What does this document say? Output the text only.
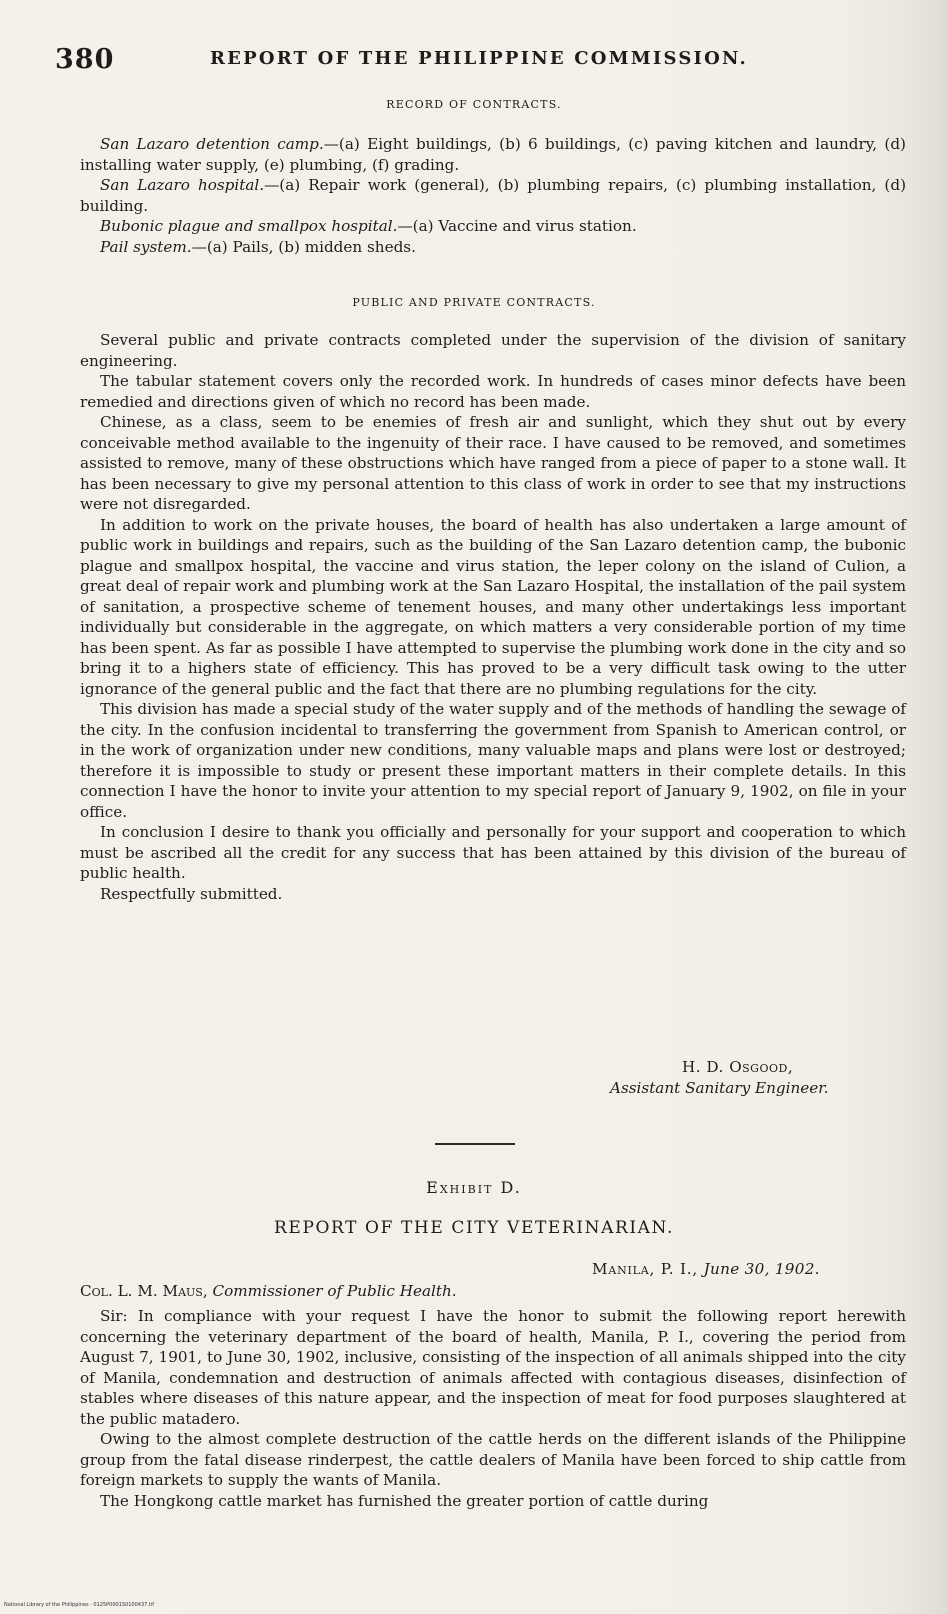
380	REPORT OF THE PHILIPPINE COMMISSION.
RECORD OF CONTRACTS.

San Lazaro detention camp.—(a) Eight buildings, (b) 6 buildings, (c) paving kitchen and laundry, (d) installing water supply, (e) plumbing, (f) grading.

San Lazaro hospital.—(a) Repair work (general), (b) plumbing repairs, (c) plumbing installation, (d) building.

Bubonic plague and smallpox hospital.—(a) Vaccine and virus station.

Pail system.—(a) Pails, (b) midden sheds.

PUBLIC AND PRIVATE CONTRACTS.

Several public and private contracts completed under the supervision of the division of sanitary engineering.

The tabular statement covers only the recorded work. In hundreds of cases minor defects have been remedied and directions given of which no record has been made.

Chinese, as a class, seem to be enemies of fresh air and sunlight, which they shut out by every conceivable method available to the ingenuity of their race. I have caused to be removed, and sometimes assisted to remove, many of these obstructions which have ranged from a piece of paper to a stone wall. It has been necessary to give my personal attention to this class of work in order to see that my instructions were not disregarded.

In addition to work on the private houses, the board of health has also undertaken a large amount of public work in buildings and repairs, such as the building of the San Lazaro detention camp, the bubonic plague and smallpox hospital, the vaccine and virus station, the leper colony on the island of Culion, a great deal of repair work and plumbing work at the San Lazaro Hospital, the installation of the pail system of sanitation, a prospective scheme of tenement houses, and many other undertakings less important individually but considerable in the aggregate, on which matters a very considerable portion of my time has been spent. As far as possible I have attempted to supervise the plumbing work done in the city and so bring it to a highers state of efficiency. This has proved to be a very difficult task owing to the utter ignorance of the general public and the fact that there are no plumbing regulations for the city.

This division has made a special study of the water supply and of the methods of handling the sewage of the city. In the confusion incidental to transferring the government from Spanish to American control, or in the work of organization under new conditions, many valuable maps and plans were lost or destroyed; therefore it is impossible to study or present these important matters in their complete details. In this connection I have the honor to invite your attention to my special report of January 9, 1902, on file in your office.

In conclusion I desire to thank you officially and personally for your support and cooperation to which must be ascribed all the credit for any success that has been attained by this division of the bureau of public health.

Respectfully submitted.

H. D. Osgood,
Assistant Sanitary Engineer.
Exhibit D.
REPORT OF THE CITY VETERINARIAN.
Manila, P. I., June 30, 1902.
Col. L. M. Maus, Commissioner of Public Health.

Sir: In compliance with your request I have the honor to submit the following report herewith concerning the veterinary department of the board of health, Manila, P. I., covering the period from August 7, 1901, to June 30, 1902, inclusive, consisting of the inspection of all animals shipped into the city of Manila, condemnation and destruction of animals affected with contagious diseases, disinfection of stables where diseases of this nature appear, and the inspection of meat for food purposes slaughtered at the public matadero.

Owing to the almost complete destruction of the cattle herds on the different islands of the Philippine group from the fatal disease rinderpest, the cattle dealers of Manila have been forced to ship cattle from foreign markets to supply the wants of Manila.

The Hongkong cattle market has furnished the greater portion of cattle during

National Library of the Philippines · 0125P0001S0100437.tif
